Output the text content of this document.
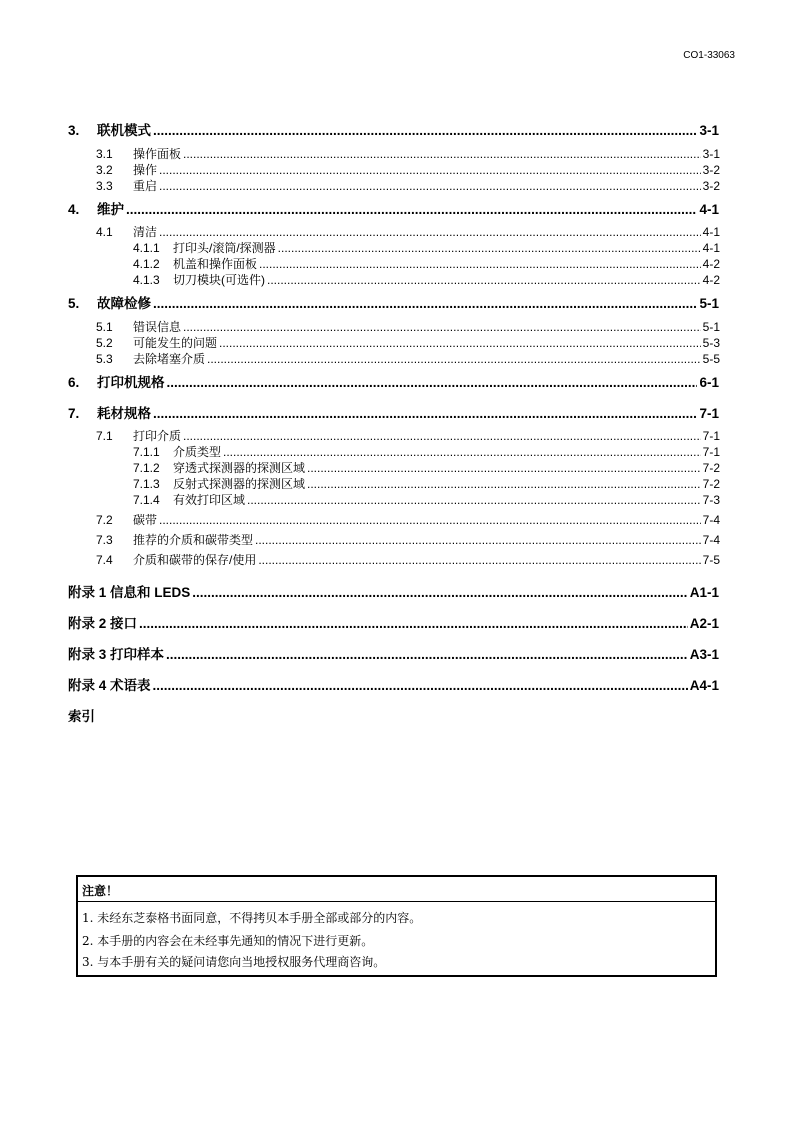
CO1-33063
3.	联机模式 .....	3-1
3.1	操作面板 .....	3-1
3.2	操作 .....	3-2
3.3	重启 .....	3-2
4.	维护 .....	4-1
4.1	清洁 .....	4-1
4.1.1	打印头/滚筒/探测器 .....	4-1
4.1.2	机盖和操作面板 .....	4-2
4.1.3	切刀模块(可选件) .....	4-2
5.	故障检修 .....	5-1
5.1	错误信息 .....	5-1
5.2	可能发生的问题 .....	5-3
5.3	去除堵塞介质 .....	5-5
6.	打印机规格 .....	6-1
7.	耗材规格 .....	7-1
7.1	打印介质 .....	7-1
7.1.1	介质类型 .....	7-1
7.1.2	穿透式探测器的探测区域 .....	7-2
7.1.3	反射式探测器的探测区域 .....	7-2
7.1.4	有效打印区域 .....	7-3
7.2	碳带 .....	7-4
7.3	推荐的介质和碳带类型 .....	7-4
7.4	介质和碳带的保存/使用 .....	7-5
附录 1 信息和 LEDS .....	A1-1
附录 2 接口 .....	A2-1
附录 3 打印样本 .....	A3-1
附录 4 术语表 .....	A4-1
索引
注意！
1. 未经东芝泰格书面同意，不得拷贝本手册全部或部分的内容。
2. 本手册的内容会在未经事先通知的情况下进行更新。
3. 与本手册有关的疑问请您向当地授权服务代理商咨询。
